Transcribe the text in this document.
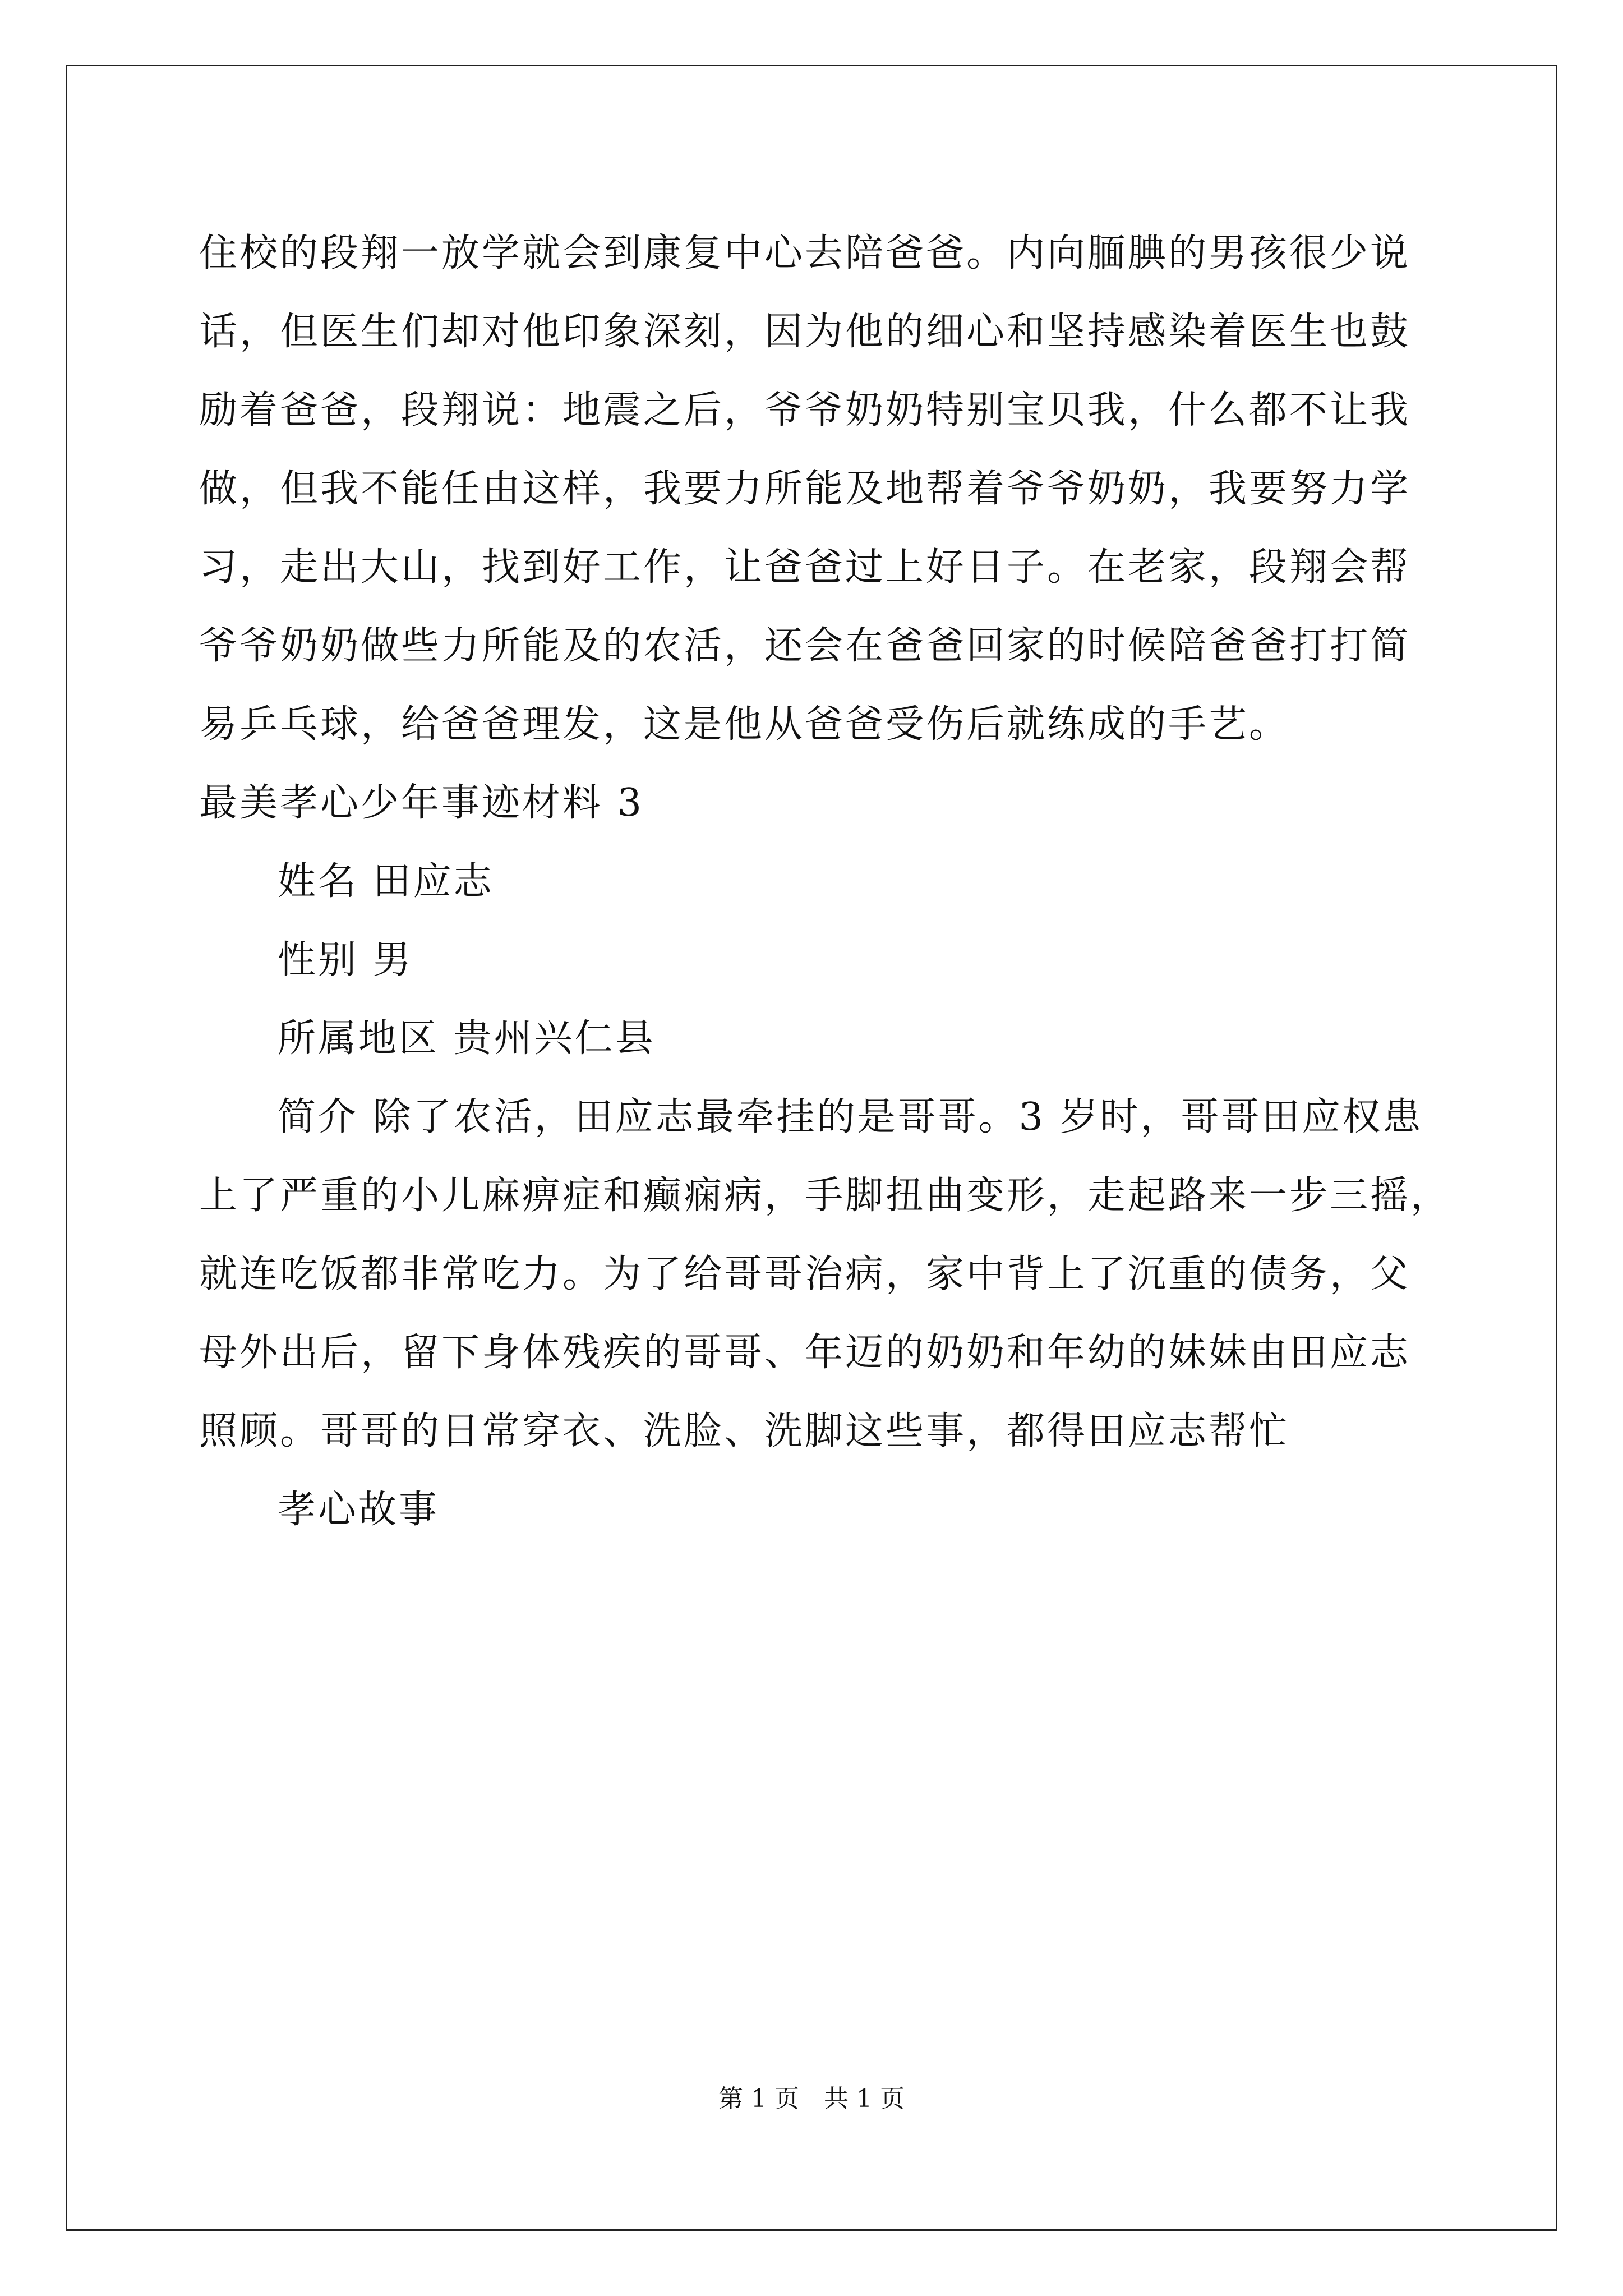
住校的段翔一放学就会到康复中心去陪爸爸。内向腼腆的男孩很少说
话，但医生们却对他印象深刻，因为他的细心和坚持感染着医生也鼓
励着爸爸，段翔说：地震之后，爷爷奶奶特别宝贝我，什么都不让我
做，但我不能任由这样，我要力所能及地帮着爷爷奶奶，我要努力学
习，走出大山，找到好工作，让爸爸过上好日子。在老家，段翔会帮
爷爷奶奶做些力所能及的农活，还会在爸爸回家的时候陪爸爸打打简
易乒乓球，给爸爸理发，这是他从爸爸受伤后就练成的手艺。
最美孝心少年事迹材料 3
姓名 田应志
性别 男
所属地区 贵州兴仁县
简介 除了农活，田应志最牵挂的是哥哥。3 岁时，哥哥田应权患
上了严重的小儿麻痹症和癫痫病，手脚扭曲变形，走起路来一步三摇，
就连吃饭都非常吃力。为了给哥哥治病，家中背上了沉重的债务，父
母外出后，留下身体残疾的哥哥、年迈的奶奶和年幼的妹妹由田应志
照顾。哥哥的日常穿衣、洗脸、洗脚这些事，都得田应志帮忙
孝心故事
第 1 页　共 1 页
